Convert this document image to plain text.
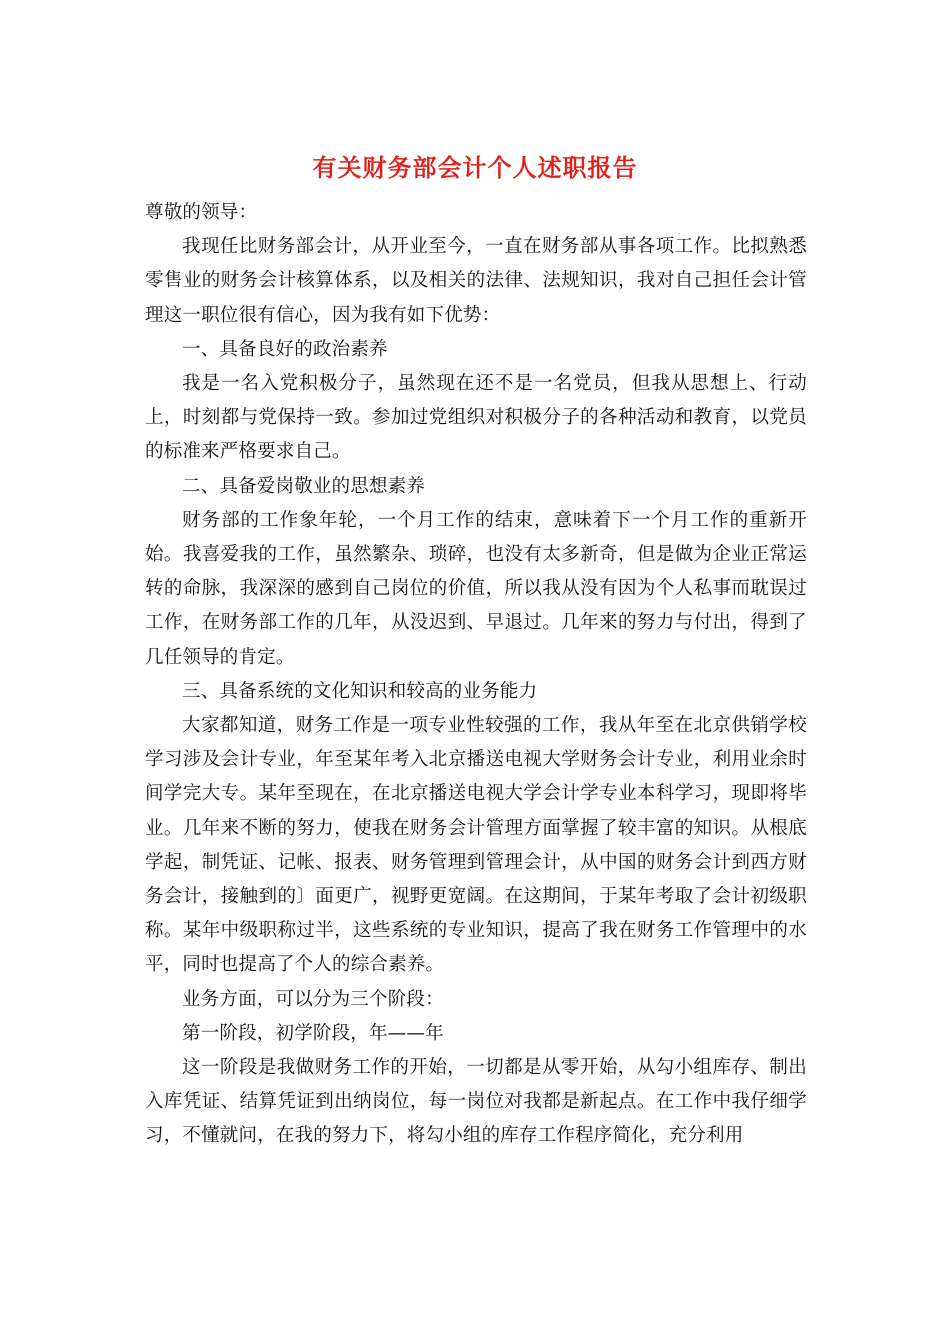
有关财务部会计个人述职报告

尊敬的领导：

我现任比财务部会计，从开业至今，一直在财务部从事各项工作。比拟熟悉零售业的财务会计核算体系，以及相关的法律、法规知识，我对自己担任会计管理这一职位很有信心，因为我有如下优势：

一、具备良好的政治素养

我是一名入党积极分子，虽然现在还不是一名党员，但我从思想上、行动上，时刻都与党保持一致。参加过党组织对积极分子的各种活动和教育，以党员的标准来严格要求自己。

二、具备爱岗敬业的思想素养

财务部的工作象年轮，一个月工作的结束，意味着下一个月工作的重新开始。我喜爱我的工作，虽然繁杂、琐碎，也没有太多新奇，但是做为企业正常运转的命脉，我深深的感到自己岗位的价值，所以我从没有因为个人私事而耽误过工作，在财务部工作的几年，从没迟到、早退过。几年来的努力与付出，得到了几任领导的肯定。

三、具备系统的文化知识和较高的业务能力

大家都知道，财务工作是一项专业性较强的工作，我从年至在北京供销学校学习涉及会计专业，年至某年考入北京播送电视大学财务会计专业，利用业余时间学完大专。某年至现在，在北京播送电视大学会计学专业本科学习，现即将毕业。几年来不断的努力，使我在财务会计管理方面掌握了较丰富的知识。从根底学起，制凭证、记帐、报表、财务管理到管理会计，从中国的财务会计到西方财务会计，接触到的〕面更广，视野更宽阔。在这期间，于某年考取了会计初级职称。某年中级职称过半，这些系统的专业知识，提高了我在财务工作管理中的水平，同时也提高了个人的综合素养。

业务方面，可以分为三个阶段：

第一阶段，初学阶段，年——年

这一阶段是我做财务工作的开始，一切都是从零开始，从勾小组库存、制出入库凭证、结算凭证到出纳岗位，每一岗位对我都是新起点。在工作中我仔细学习，不懂就问，在我的努力下，将勾小组的库存工作程序简化，充分利用
